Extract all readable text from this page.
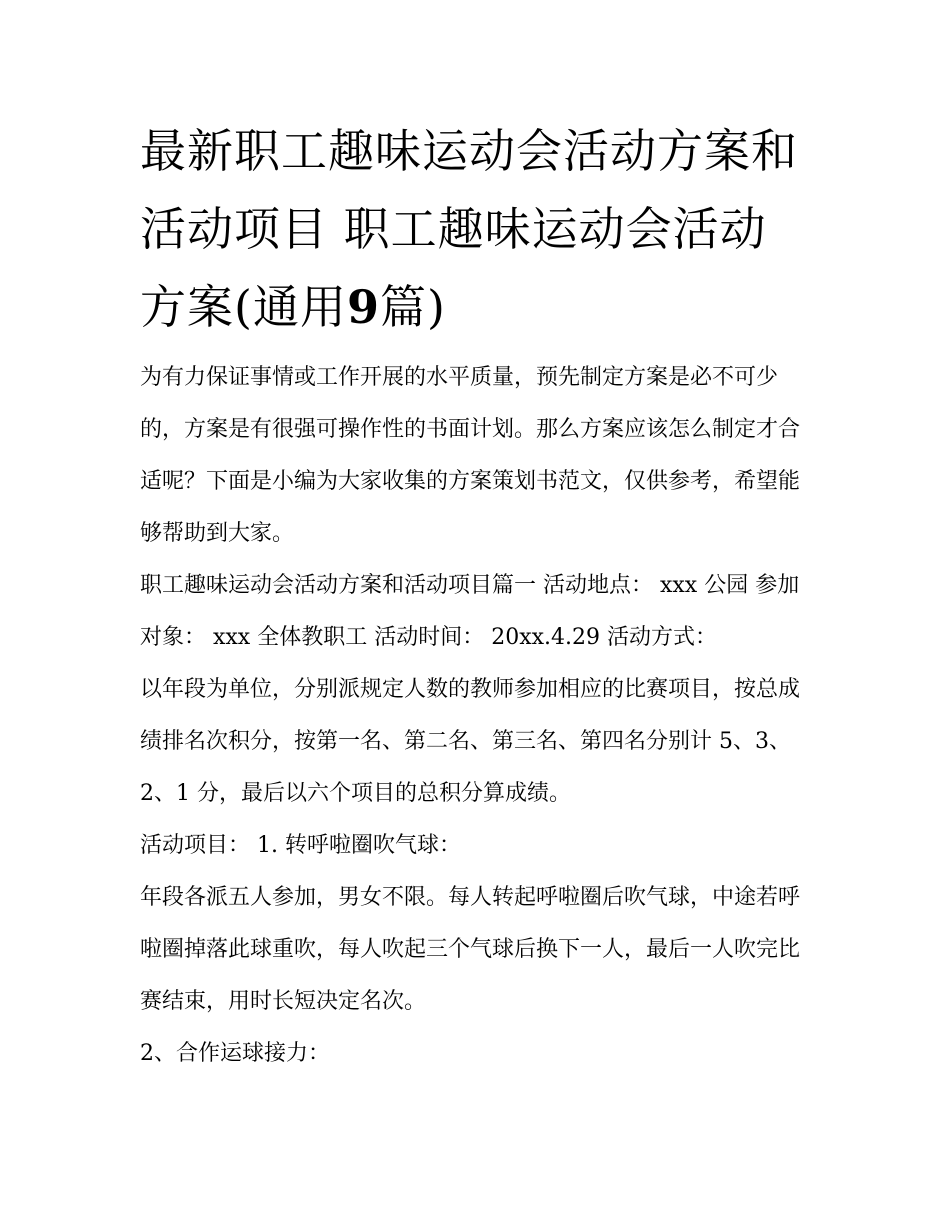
最新职工趣味运动会活动方案和活动项目 职工趣味运动会活动方案(通用9篇)

为有力保证事情或工作开展的水平质量，预先制定方案是必不可少的，方案是有很强可操作性的书面计划。那么方案应该怎么制定才合适呢？下面是小编为大家收集的方案策划书范文，仅供参考，希望能够帮助到大家。

职工趣味运动会活动方案和活动项目篇一 活动地点： xxx 公园 参加对象： xxx 全体教职工 活动时间： 20xx.4.29 活动方式：

以年段为单位，分别派规定人数的教师参加相应的比赛项目，按总成绩排名次积分，按第一名、第二名、第三名、第四名分别计 5、3、2、1 分，最后以六个项目的总积分算成绩。

活动项目： 1. 转呼啦圈吹气球：

年段各派五人参加，男女不限。每人转起呼啦圈后吹气球，中途若呼啦圈掉落此球重吹，每人吹起三个气球后换下一人，最后一人吹完比赛结束，用时长短决定名次。

2、合作运球接力：
